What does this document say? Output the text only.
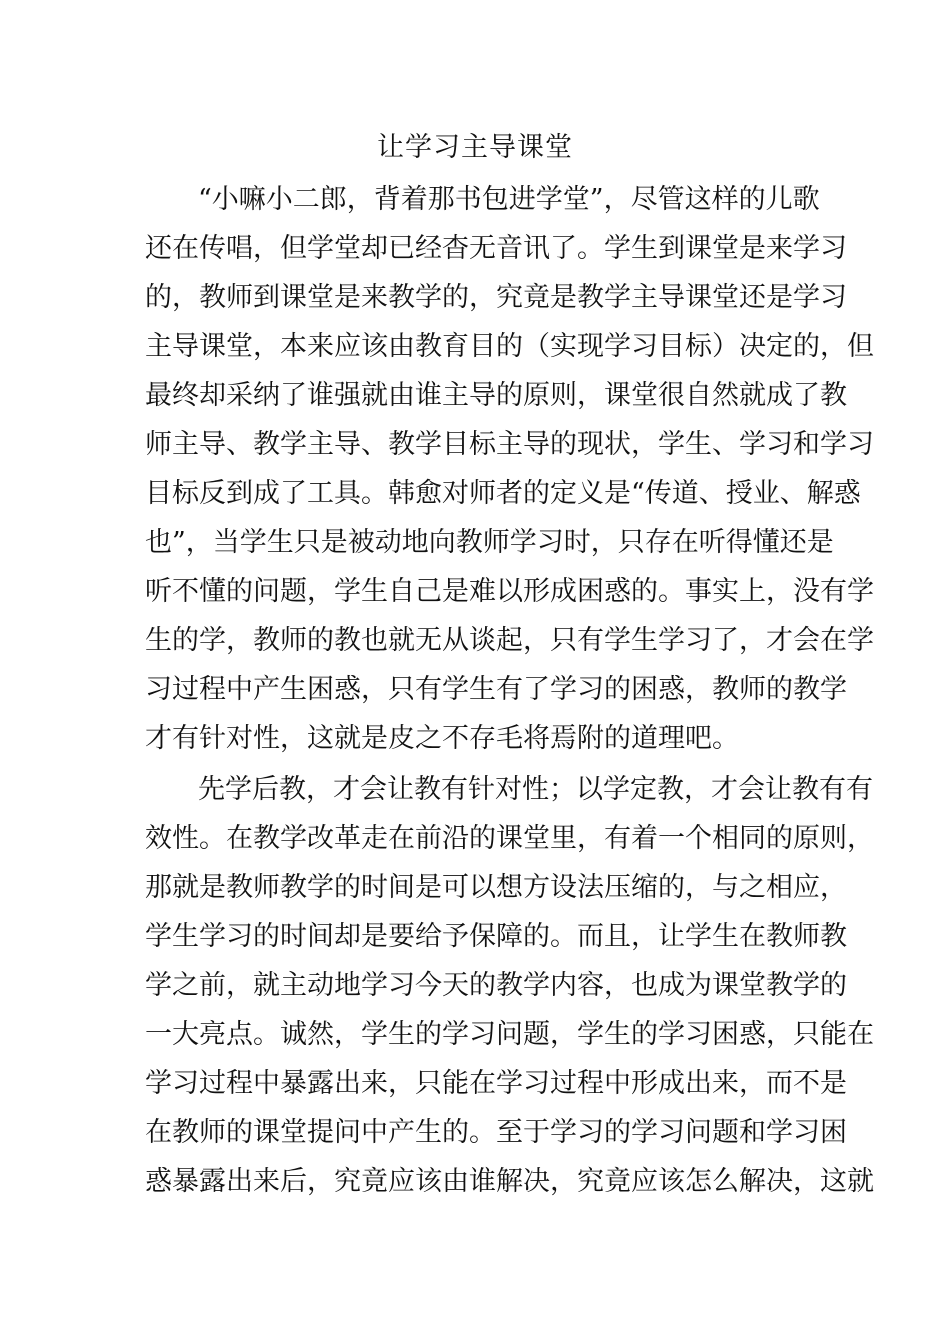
让学习主导课堂
“小嘛小二郎，背着那书包进学堂”，尽管这样的儿歌
还在传唱，但学堂却已经杳无音讯了。学生到课堂是来学习
的，教师到课堂是来教学的，究竟是教学主导课堂还是学习
主导课堂，本来应该由教育目的（实现学习目标）决定的，但
最终却采纳了谁强就由谁主导的原则，课堂很自然就成了教
师主导、教学主导、教学目标主导的现状，学生、学习和学习
目标反到成了工具。韩愈对师者的定义是“传道、授业、解惑
也”，当学生只是被动地向教师学习时，只存在听得懂还是
听不懂的问题，学生自己是难以形成困惑的。事实上，没有学
生的学，教师的教也就无从谈起，只有学生学习了，才会在学
习过程中产生困惑，只有学生有了学习的困惑，教师的教学
才有针对性，这就是皮之不存毛将焉附的道理吧。
先学后教，才会让教有针对性；以学定教，才会让教有有
效性。在教学改革走在前沿的课堂里，有着一个相同的原则，
那就是教师教学的时间是可以想方设法压缩的，与之相应，
学生学习的时间却是要给予保障的。而且，让学生在教师教
学之前，就主动地学习今天的教学内容，也成为课堂教学的
一大亮点。诚然，学生的学习问题，学生的学习困惑，只能在
学习过程中暴露出来，只能在学习过程中形成出来，而不是
在教师的课堂提问中产生的。至于学习的学习问题和学习困
惑暴露出来后，究竟应该由谁解决，究竟应该怎么解决，这就
